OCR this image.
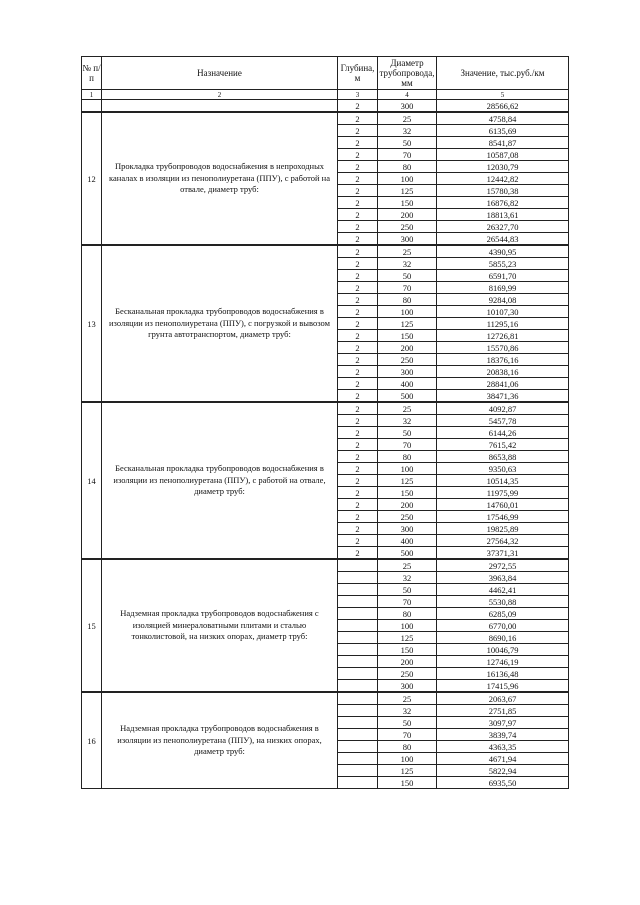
№ п/п	Назначение	Глубина, м	Диаметр трубопровода, мм	Значение, тыс.руб./км
1	2	3	4	5
		2	300	28566,62
12	Прокладка трубопроводов водоснабжения в непроходных каналах в изоляции из пенополиуретана (ППУ), с работой на отвале, диаметр труб:	2	25	4758,84
		2	32	6135,69
		2	50	8541,87
		2	70	10587,08
		2	80	12030,79
		2	100	12442,82
		2	125	15780,38
		2	150	16876,82
		2	200	18813,61
		2	250	26327,70
		2	300	26544,83
13	Бесканальная прокладка трубопроводов водоснабжения в изоляции из пенополиуретана (ППУ), с погрузкой и вывозом грунта автотранспортом, диаметр труб:	2	25	4390,95
		2	32	5855,23
		2	50	6591,70
		2	70	8169,99
		2	80	9284,08
		2	100	10107,30
		2	125	11295,16
		2	150	12726,81
		2	200	15570,86
		2	250	18376,16
		2	300	20838,16
		2	400	28841,06
		2	500	38471,36
14	Бесканальная прокладка трубопроводов водоснабжения в изоляции из пенополиуретана (ППУ), с работой на отвале, диаметр труб:	2	25	4092,87
		2	32	5457,78
		2	50	6144,26
		2	70	7615,42
		2	80	8653,88
		2	100	9350,63
		2	125	10514,35
		2	150	11975,99
		2	200	14760,01
		2	250	17546,99
		2	300	19825,89
		2	400	27564,32
		2	500	37371,31
15	Надземная прокладка трубопроводов водоснабжения с изоляцией минераловатными плитами и сталью тонколистовой, на низких опорах, диаметр труб:		25	2972,55
			32	3963,84
			50	4462,41
			70	5530,88
			80	6285,09
			100	6770,00
			125	8690,16
			150	10046,79
			200	12746,19
			250	16136,48
			300	17415,96
16	Надземная прокладка трубопроводов водоснабжения в изоляции из пенополиуретана (ППУ), на низких опорах, диаметр труб:		25	2063,67
			32	2751,85
			50	3097,97
			70	3839,74
			80	4363,35
			100	4671,94
			125	5822,94
			150	6935,50
